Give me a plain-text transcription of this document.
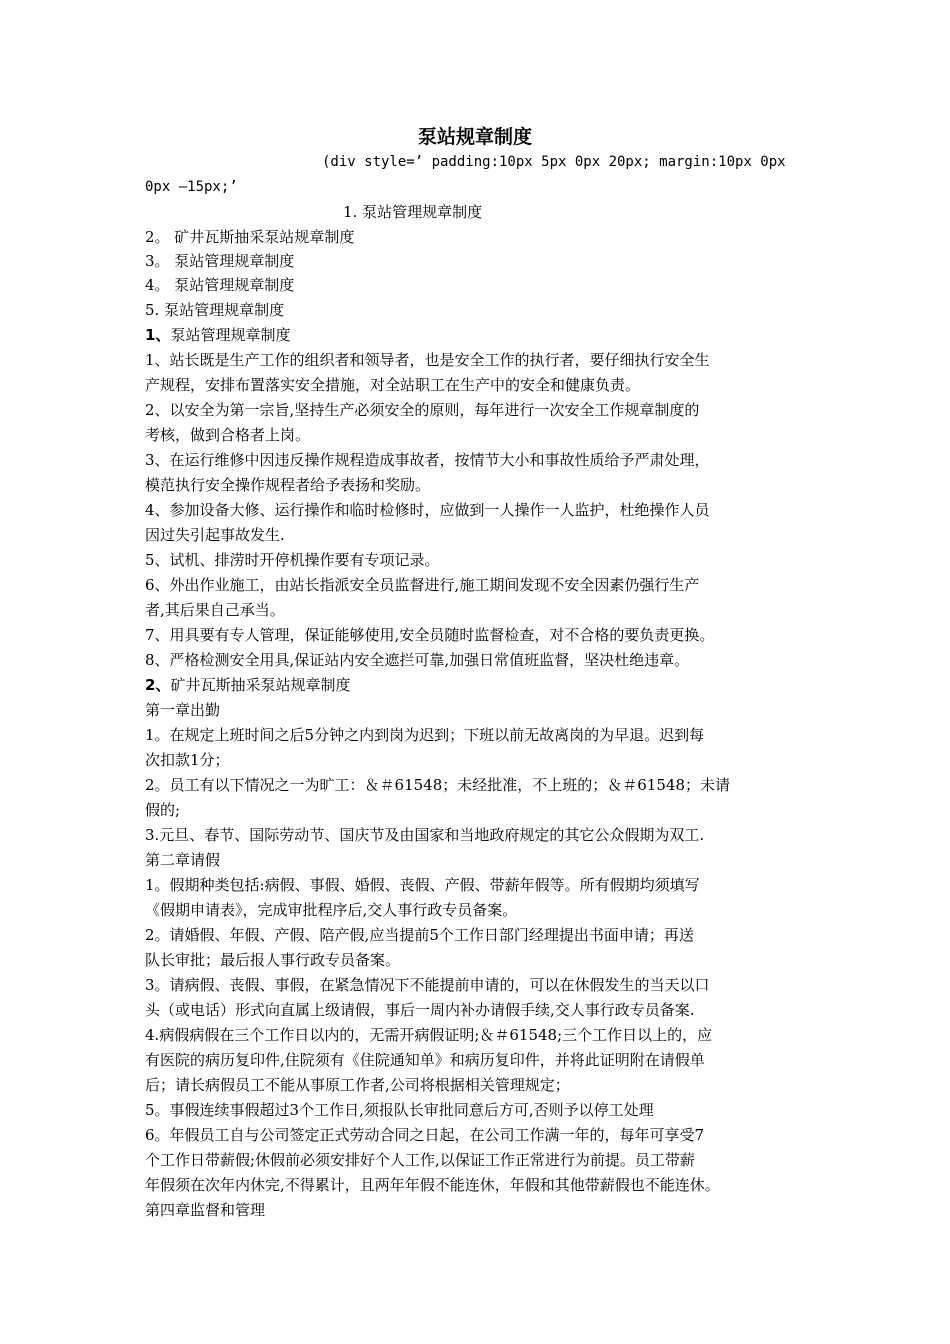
泵站规章制度
(div style=’ padding:10px 5px 0px 20px; margin:10px 0px
0px —15px;’
1. 泵站管理规章制度
2。 矿井瓦斯抽采泵站规章制度
3。 泵站管理规章制度
4。 泵站管理规章制度
5. 泵站管理规章制度
1、泵站管理规章制度
1、站长既是生产工作的组织者和领导者，也是安全工作的执行者，要仔细执行安全生
产规程，安排布置落实安全措施，对全站职工在生产中的安全和健康负责。
2、以安全为第一宗旨,坚持生产必须安全的原则，每年进行一次安全工作规章制度的
考核，做到合格者上岗。
3、在运行维修中因违反操作规程造成事故者，按情节大小和事故性质给予严肃处理，
模范执行安全操作规程者给予表扬和奖励。
4、参加设备大修、运行操作和临时检修时，应做到一人操作一人监护，杜绝操作人员
因过失引起事故发生.
5、试机、排涝时开停机操作要有专项记录。
6、外出作业施工，由站长指派安全员监督进行,施工期间发现不安全因素仍强行生产
者,其后果自己承当。
7、用具要有专人管理，保证能够使用,安全员随时监督检查，对不合格的要负责更换。
8、严格检测安全用具,保证站内安全遮拦可靠,加强日常值班监督，坚决杜绝违章。
2、矿井瓦斯抽采泵站规章制度
第一章出勤
1。在规定上班时间之后5分钟之内到岗为迟到；下班以前无故离岗的为早退。迟到每
次扣款1分；
2。员工有以下情况之一为旷工：＆＃61548；未经批准，不上班的；＆＃61548；未请
假的;
3.元旦、春节、国际劳动节、国庆节及由国家和当地政府规定的其它公众假期为双工.
第二章请假
1。假期种类包括:病假、事假、婚假、丧假、产假、带薪年假等。所有假期均须填写
《假期申请表》，完成审批程序后,交人事行政专员备案。
2。请婚假、年假、产假、陪产假,应当提前5个工作日部门经理提出书面申请；再送
队长审批；最后报人事行政专员备案。
3。请病假、丧假、事假，在紧急情况下不能提前申请的，可以在休假发生的当天以口
头（或电话）形式向直属上级请假，事后一周内补办请假手续,交人事行政专员备案.
4.病假病假在三个工作日以内的，无需开病假证明;＆＃61548;三个工作日以上的，应
有医院的病历复印件,住院须有《住院通知单》和病历复印件，并将此证明附在请假单
后；请长病假员工不能从事原工作者,公司将根据相关管理规定；
5。事假连续事假超过3个工作日,须报队长审批同意后方可,否则予以停工处理
6。年假员工自与公司签定正式劳动合同之日起，在公司工作满一年的，每年可享受7
个工作日带薪假;休假前必须安排好个人工作,以保证工作正常进行为前提。员工带薪
年假须在次年内休完,不得累计，且两年年假不能连休，年假和其他带薪假也不能连休。
第四章监督和管理
